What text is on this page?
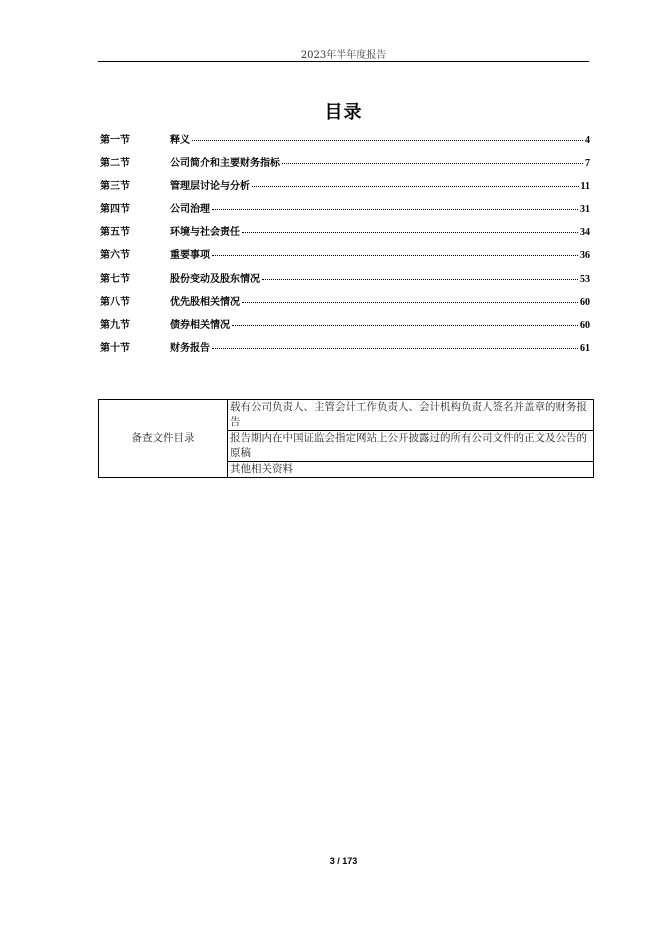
2023年半年度报告
目录
第一节	释义	4
第二节	公司简介和主要财务指标	7
第三节	管理层讨论与分析	11
第四节	公司治理	31
第五节	环境与社会责任	34
第六节	重要事项	36
第七节	股份变动及股东情况	53
第八节	优先股相关情况	60
第九节	债券相关情况	60
第十节	财务报告	61
备查文件目录	载有公司负责人、主管会计工作负责人、会计机构负责人签名并盖章的财务报告
报告期内在中国证监会指定网站上公开披露过的所有公司文件的正文及公告的原稿
其他相关资料
3 / 173
